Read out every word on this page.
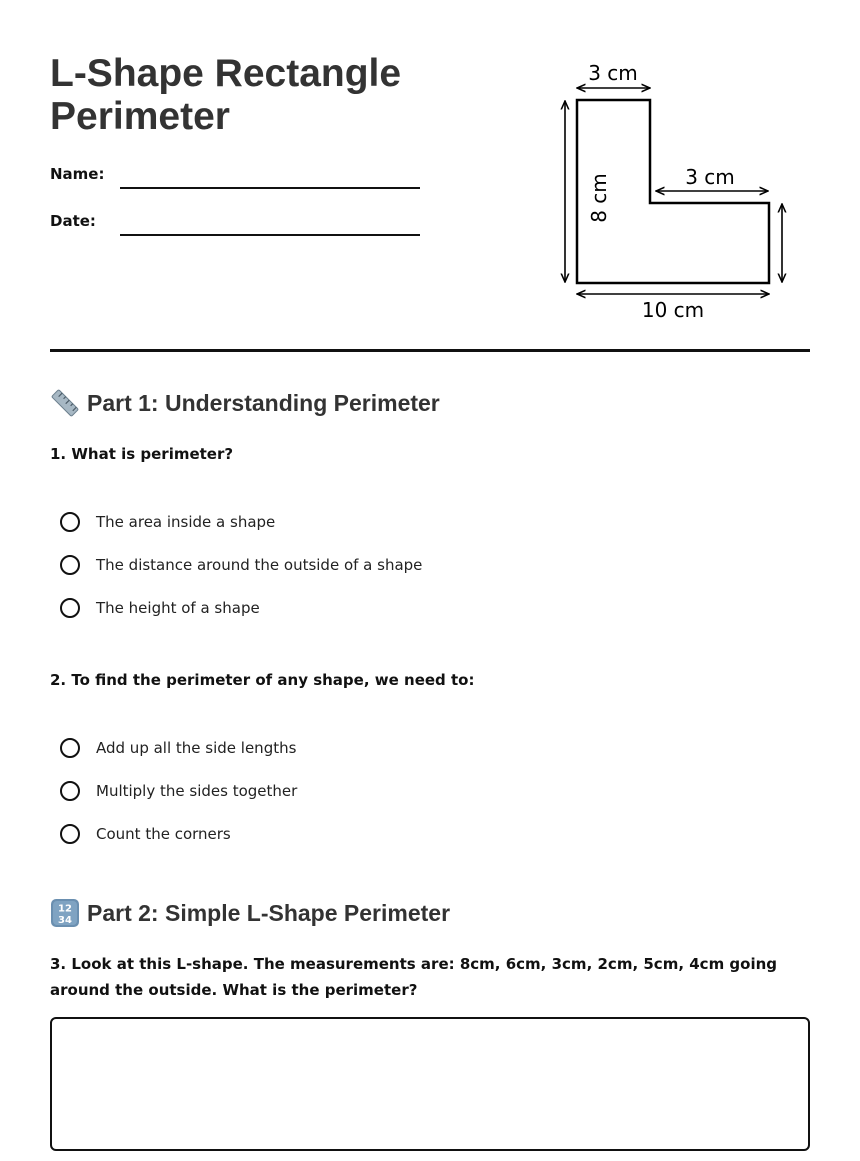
L-Shape Rectangle Perimeter
Name:
Date:
3 cm
3 cm
8 cm
10 cm
Part 1: Understanding Perimeter

1. What is perimeter?

The area inside a shape
The distance around the outside of a shape
The height of a shape

2. To find the perimeter of any shape, we need to:

Add up all the side lengths
Multiply the sides together
Count the corners
12
34 Part 2: Simple L-Shape Perimeter

3. Look at this L-shape. The measurements are: 8cm, 6cm, 3cm, 2cm, 5cm, 4cm going around the outside. What is the perimeter?
